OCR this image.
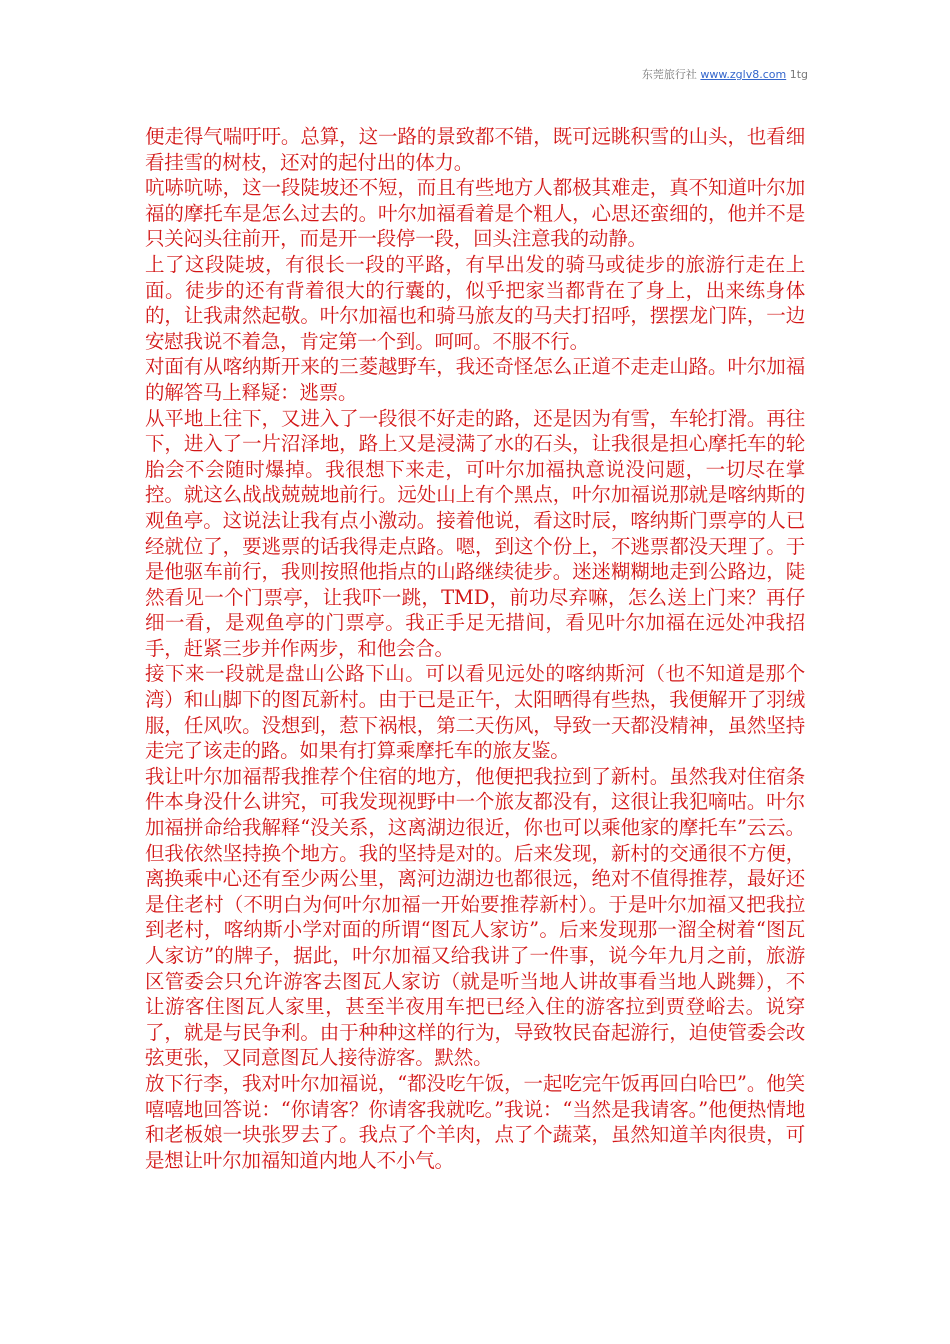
东莞旅行社 www.zglv8.com 1tg

便走得气喘吁吁。总算，这一路的景致都不错，既可远眺积雪的山头，也看细看挂雪的树枝，还对的起付出的体力。

吭哧吭哧，这一段陡坡还不短，而且有些地方人都极其难走，真不知道叶尔加福的摩托车是怎么过去的。叶尔加福看着是个粗人，心思还蛮细的，他并不是只关闷头往前开，而是开一段停一段，回头注意我的动静。

上了这段陡坡，有很长一段的平路，有早出发的骑马或徒步的旅游行走在上面。徒步的还有背着很大的行囊的，似乎把家当都背在了身上，出来练身体的，让我肃然起敬。叶尔加福也和骑马旅友的马夫打招呼，摆摆龙门阵，一边安慰我说不着急，肯定第一个到。呵呵。不服不行。

对面有从喀纳斯开来的三菱越野车，我还奇怪怎么正道不走走山路。叶尔加福的解答马上释疑：逃票。

从平地上往下，又进入了一段很不好走的路，还是因为有雪，车轮打滑。再往下，进入了一片沼泽地，路上又是浸满了水的石头，让我很是担心摩托车的轮胎会不会随时爆掉。我很想下来走，可叶尔加福执意说没问题，一切尽在掌控。就这么战战兢兢地前行。远处山上有个黑点，叶尔加福说那就是喀纳斯的观鱼亭。这说法让我有点小激动。接着他说，看这时辰，喀纳斯门票亭的人已经就位了，要逃票的话我得走点路。嗯，到这个份上，不逃票都没天理了。于是他驱车前行，我则按照他指点的山路继续徒步。迷迷糊糊地走到公路边，陡然看见一个门票亭，让我吓一跳，TMD，前功尽弃嘛，怎么送上门来？再仔细一看，是观鱼亭的门票亭。我正手足无措间，看见叶尔加福在远处冲我招手，赶紧三步并作两步，和他会合。

接下来一段就是盘山公路下山。可以看见远处的喀纳斯河（也不知道是那个湾）和山脚下的图瓦新村。由于已是正午，太阳晒得有些热，我便解开了羽绒服，任风吹。没想到，惹下祸根，第二天伤风，导致一天都没精神，虽然坚持走完了该走的路。如果有打算乘摩托车的旅友鉴。

我让叶尔加福帮我推荐个住宿的地方，他便把我拉到了新村。虽然我对住宿条件本身没什么讲究，可我发现视野中一个旅友都没有，这很让我犯嘀咕。叶尔加福拼命给我解释“没关系，这离湖边很近，你也可以乘他家的摩托车”云云。但我依然坚持换个地方。我的坚持是对的。后来发现，新村的交通很不方便，离换乘中心还有至少两公里，离河边湖边也都很远，绝对不值得推荐，最好还是住老村（不明白为何叶尔加福一开始要推荐新村）。于是叶尔加福又把我拉到老村，喀纳斯小学对面的所谓“图瓦人家访”。后来发现那一溜全树着“图瓦人家访”的牌子，据此，叶尔加福又给我讲了一件事，说今年九月之前，旅游区管委会只允许游客去图瓦人家访（就是听当地人讲故事看当地人跳舞），不让游客住图瓦人家里，甚至半夜用车把已经入住的游客拉到贾登峪去。说穿了，就是与民争利。由于种种这样的行为，导致牧民奋起游行，迫使管委会改弦更张，又同意图瓦人接待游客。默然。

放下行李，我对叶尔加福说，“都没吃午饭，一起吃完午饭再回白哈巴”。他笑嘻嘻地回答说：“你请客？你请客我就吃。”我说：“当然是我请客。”他便热情地和老板娘一块张罗去了。我点了个羊肉，点了个蔬菜，虽然知道羊肉很贵，可是想让叶尔加福知道内地人不小气。
